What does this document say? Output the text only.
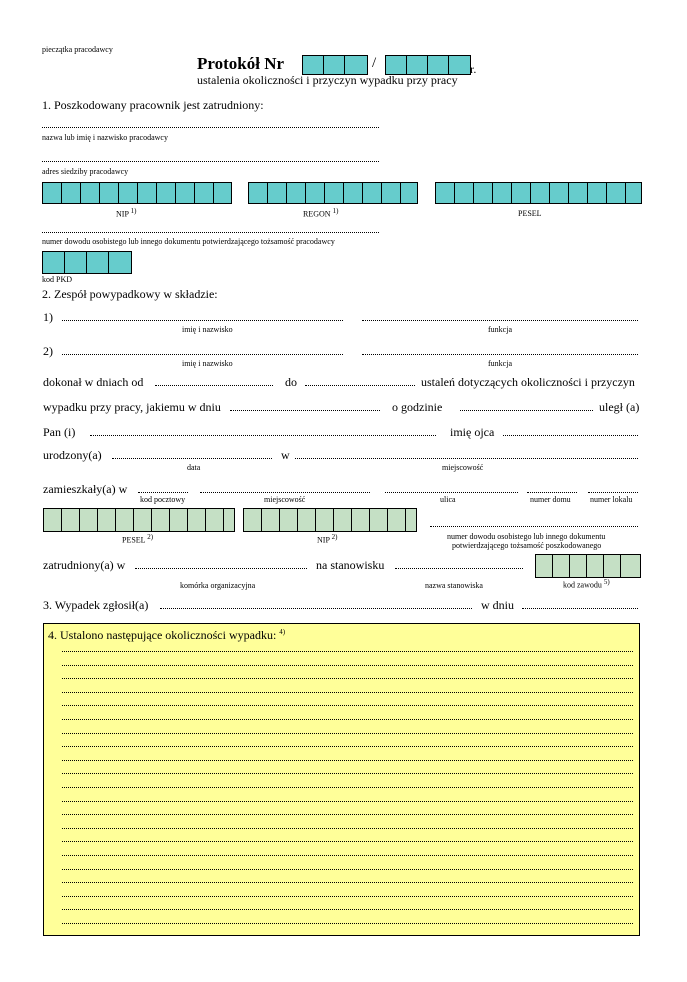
pieczątka pracodawcy
Protokół Nr	/	r.
ustalenia okoliczności i przyczyn wypadku przy pracy
1. Poszkodowany pracownik jest zatrudniony:
nazwa lub imię i nazwisko pracodawcy
adres siedziby pracodawcy
NIP 1)	REGON 1)	PESEL
numer dowodu osobistego lub innego dokumentu potwierdzającego tożsamość pracodawcy
kod PKD
2. Zespół powypadkowy w składzie:
1)
imię i nazwisko	funkcja
2)
imię i nazwisko	funkcja
dokonał w dniach od	do	ustaleń dotyczących okoliczności i przyczyn
wypadku przy pracy, jakiemu w dniu	o godzinie	uległ (a)
Pan (i)	imię ojca
urodzony(a)	w
data	miejscowość
zamieszkały(a) w
kod pocztowy	miejscowość	ulica	numer domu numer lokalu
PESEL 2)	NIP 2)	numer dowodu osobistego lub innego dokumentu
potwierdzającego tożsamość poszkodowanego
zatrudniony(a) w	na stanowisku
komórka organizacyjna	nazwa stanowiska	kod zawodu 5)
3. Wypadek zgłosił(a)	w dniu
4. Ustalono następujące okoliczności wypadku: $^{4)}$
